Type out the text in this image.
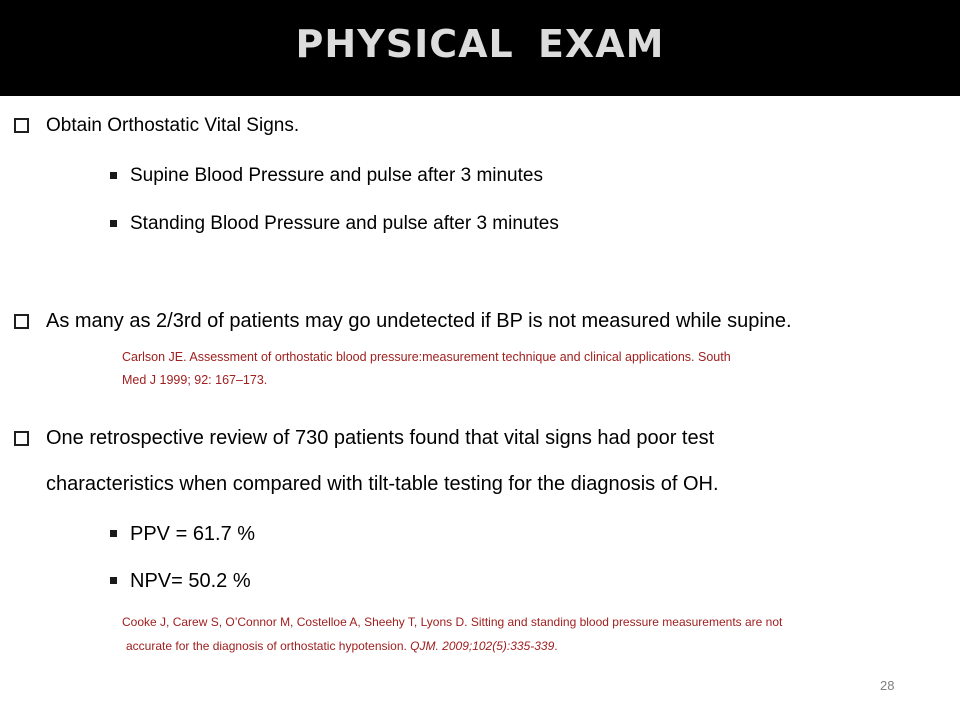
PHYSICAL EXAM
Obtain Orthostatic Vital Signs.
Supine Blood Pressure and pulse after 3 minutes
Standing Blood Pressure and pulse after 3 minutes
As many as 2/3rd of patients may go undetected if BP is not measured while supine.
Carlson JE. Assessment of orthostatic blood pressure:measurement technique and clinical applications. South
Med J 1999; 92: 167–173.
One retrospective review of 730 patients found that vital signs had poor test
characteristics when compared with tilt-table testing for the diagnosis of OH.
PPV = 61.7 %
NPV= 50.2 %
Cooke J, Carew S, O’Connor M, Costelloe A, Sheehy T, Lyons D. Sitting and standing blood pressure measurements are not
accurate for the diagnosis of orthostatic hypotension. QJM. 2009;102(5):335-339.
28
